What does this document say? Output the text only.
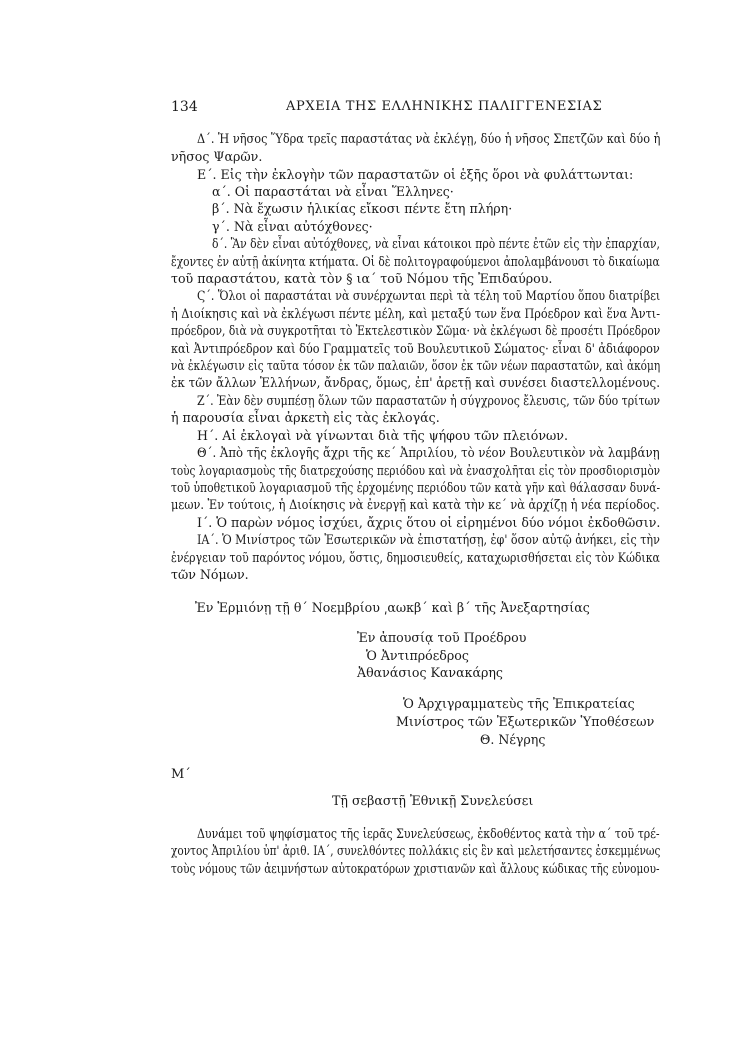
134	ΑΡΧΕΙΑ ΤΗΣ ΕΛΛΗΝΙΚΗΣ ΠΑΛΙΓΓΕΝΕΣΙΑΣ
Δ΄. Ἡ νῆσος Ὕδρα τρεῖς παραστάτας νὰ ἐκλέγῃ, δύο ἡ νῆσος Σπετζῶν καὶ δύο ἡ
νῆσος Ψαρῶν.
Ε΄. Εἰς τὴν ἐκλογὴν τῶν παραστατῶν οἱ ἑξῆς ὅροι νὰ φυλάττωνται:
α΄. Οἱ παραστάται νὰ εἶναι Ἕλληνες·
β΄. Νὰ ἔχωσιν ἡλικίας εἴκοσι πέντε ἔτη πλήρη·
γ΄. Νὰ εἶναι αὐτόχθονες·
δ΄. Ἂν δὲν εἶναι αὐτόχθονες, νὰ εἶναι κάτοικοι πρὸ πέντε ἐτῶν εἰς τὴν ἐπαρχίαν,
ἔχοντες ἐν αὐτῇ ἀκίνητα κτήματα. Οἱ δὲ πολιτογραφούμενοι ἀπολαμβάνουσι τὸ δικαίωμα
τοῦ παραστάτου, κατὰ τὸν § ια΄ τοῦ Νόμου τῆς Ἐπιδαύρου.
Ϛ΄. Ὅλοι οἱ παραστάται νὰ συνέρχωνται περὶ τὰ τέλη τοῦ Μαρτίου ὅπου διατρίβει
ἡ Διοίκησις καὶ νὰ ἐκλέγωσι πέντε μέλη, καὶ μεταξύ των ἕνα Πρόεδρον καὶ ἕνα Ἀντι-
πρόεδρον, διὰ νὰ συγκροτῆται τὸ Ἐκτελεστικὸν Σῶμα· νὰ ἐκλέγωσι δὲ προσέτι Πρόεδρον
καὶ Ἀντιπρόεδρον καὶ δύο Γραμματεῖς τοῦ Βουλευτικοῦ Σώματος· εἶναι δ' ἀδιάφορον
νὰ ἐκλέγωσιν εἰς ταῦτα τόσον ἐκ τῶν παλαιῶν, ὅσον ἐκ τῶν νέων παραστατῶν, καὶ ἀκόμη
ἐκ τῶν ἄλλων Ἑλλήνων, ἄνδρας, ὅμως, ἐπ' ἀρετῇ καὶ συνέσει διαστελλομένους.
Ζ΄. Ἐὰν δὲν συμπέσῃ ὅλων τῶν παραστατῶν ἡ σύγχρονος ἔλευσις, τῶν δύο τρίτων
ἡ παρουσία εἶναι ἀρκετὴ εἰς τὰς ἐκλογάς.
Η΄. Αἱ ἐκλογαὶ νὰ γίνωνται διὰ τῆς ψήφου τῶν πλειόνων.
Θ΄. Ἀπὸ τῆς ἐκλογῆς ἄχρι τῆς κε΄ Ἀπριλίου, τὸ νέον Βουλευτικὸν νὰ λαμβάνῃ
τοὺς λογαριασμοὺς τῆς διατρεχούσης περιόδου καὶ νὰ ἐνασχολῆται εἰς τὸν προσδιορισμὸν
τοῦ ὑποθετικοῦ λογαριασμοῦ τῆς ἐρχομένης περιόδου τῶν κατὰ γῆν καὶ θάλασσαν δυνά-
μεων. Ἐν τούτοις, ἡ Διοίκησις νὰ ἐνεργῇ καὶ κατὰ τὴν κε΄ νὰ ἀρχίζῃ ἡ νέα περίοδος.
Ι΄. Ὁ παρὼν νόμος ἰσχύει, ἄχρις ὅτου οἱ εἰρημένοι δύο νόμοι ἐκδοθῶσιν.
ΙΑ΄. Ὁ Μινίστρος τῶν Ἐσωτερικῶν νὰ ἐπιστατήσῃ, ἐφ' ὅσον αὐτῷ ἀνήκει, εἰς τὴν
ἐνέργειαν τοῦ παρόντος νόμου, ὅστις, δημοσιευθείς, καταχωρισθήσεται εἰς τὸν Κώδικα
τῶν Νόμων.
Ἐν Ἑρμιόνῃ τῇ θ΄ Νοεμβρίου ͵αωκβ΄ καὶ β΄ τῆς Ἀνεξαρτησίας
Ἐν ἀπουσίᾳ τοῦ Προέδρου
Ὁ Ἀντιπρόεδρος
Ἀθανάσιος Κανακάρης
Ὁ Ἀρχιγραμματεὺς τῆς Ἐπικρατείας
Μινίστρος τῶν Ἐξωτερικῶν Ὑποθέσεων
Θ. Νέγρης
Μ΄
Τῇ σεβαστῇ Ἐθνικῇ Συνελεύσει
Δυνάμει τοῦ ψηφίσματος τῆς ἱερᾶς Συνελεύσεως, ἐκδοθέντος κατὰ τὴν α΄ τοῦ τρέ-
χοντος Ἀπριλίου ὑπ' ἀριθ. ΙΑ΄, συνελθόντες πολλάκις εἰς ἓν καὶ μελετήσαντες ἐσκεμμένως
τοὺς νόμους τῶν ἀειμνήστων αὐτοκρατόρων χριστιανῶν καὶ ἄλλους κώδικας τῆς εὐνομου-
